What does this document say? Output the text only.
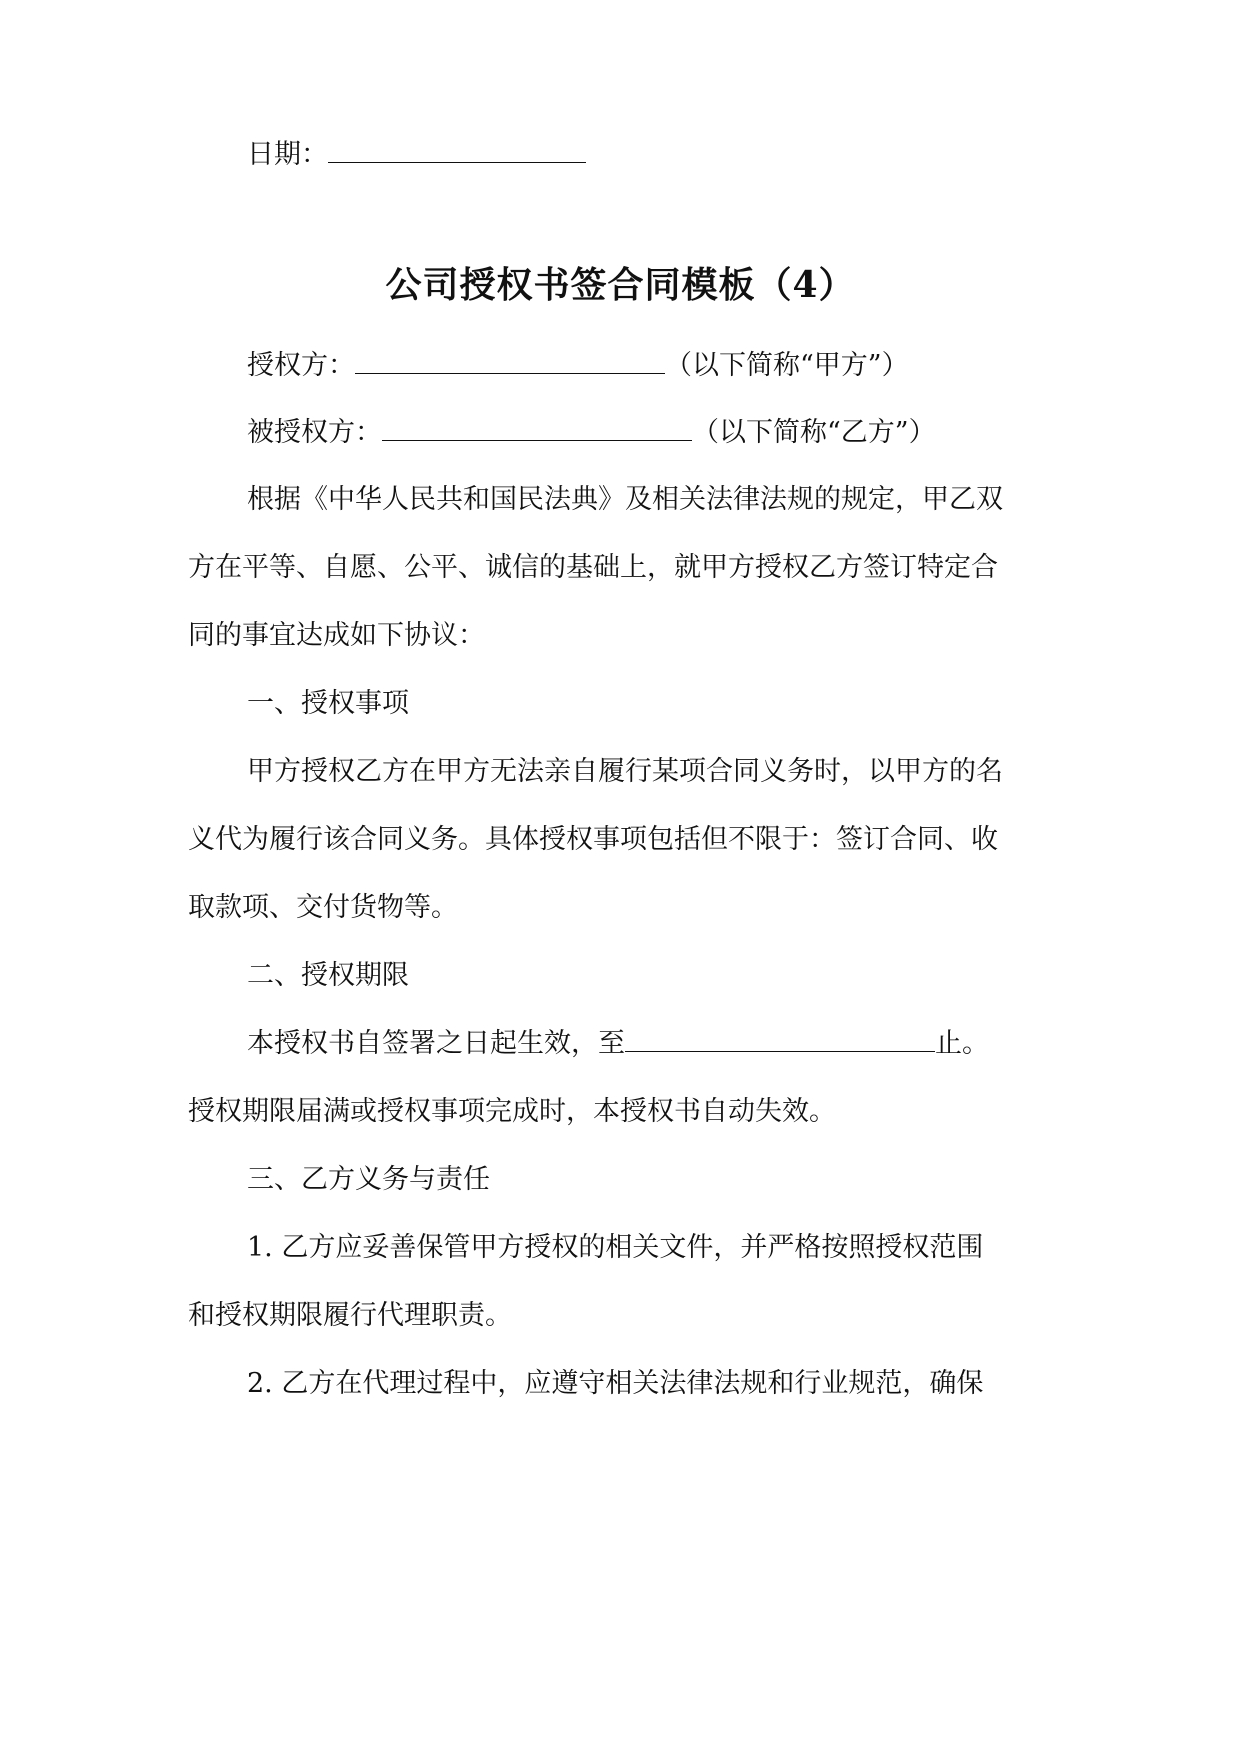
日期：
公司授权书签合同模板（4）
授权方：	（以下简称“甲方”）
被授权方：	（以下简称“乙方”）
根据《中华人民共和国民法典》及相关法律法规的规定，甲乙双
方在平等、自愿、公平、诚信的基础上，就甲方授权乙方签订特定合
同的事宜达成如下协议：
一、授权事项
甲方授权乙方在甲方无法亲自履行某项合同义务时，以甲方的名
义代为履行该合同义务。具体授权事项包括但不限于：签订合同、收
取款项、交付货物等。
二、授权期限
本授权书自签署之日起生效，至	止。
授权期限届满或授权事项完成时，本授权书自动失效。
三、乙方义务与责任
1. 乙方应妥善保管甲方授权的相关文件，并严格按照授权范围
和授权期限履行代理职责。
2. 乙方在代理过程中，应遵守相关法律法规和行业规范，确保
